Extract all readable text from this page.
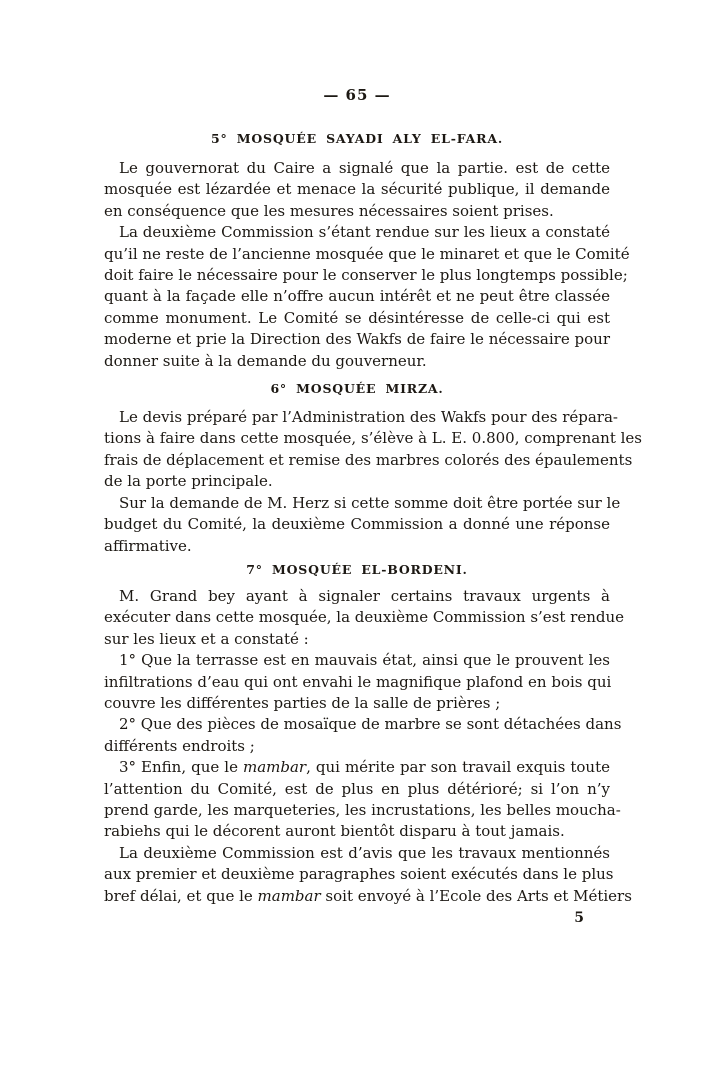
— 65 —
5° MOSQUÉE SAYADI ALY EL-FARA.
Le gouvernorat du Caire a signalé que la partie. est de cette
mosquée est lézardée et menace la sécurité publique, il demande
en conséquence que les mesures nécessaires soient prises.
La deuxième Commission s’étant rendue sur les lieux a constaté
qu’il ne reste de l’ancienne mosquée que le minaret et que le Comité
doit faire le nécessaire pour le conserver le plus longtemps possible;
quant à la façade elle n’offre aucun intérêt et ne peut être classée
comme monument. Le Comité se désintéresse de celle-ci qui est
moderne et prie la Direction des Wakfs de faire le nécessaire pour
donner suite à la demande du gouverneur.
6° MOSQUÉE MIRZA.
Le devis préparé par l’Administration des Wakfs pour des répara-
tions à faire dans cette mosquée, s’élève à L. E. 0.800, comprenant les
frais de déplacement et remise des marbres colorés des épaulements
de la porte principale.
Sur la demande de M. Herz si cette somme doit être portée sur le
budget du Comité, la deuxième Commission a donné une réponse
affirmative.
7° MOSQUÉE EL-BORDENI.
M. Grand bey ayant à signaler certains travaux urgents à
exécuter dans cette mosquée, la deuxième Commission s’est rendue
sur les lieux et a constaté :
1° Que la terrasse est en mauvais état, ainsi que le prouvent les
infiltrations d’eau qui ont envahi le magnifique plafond en bois qui
couvre les différentes parties de la salle de prières ;
2° Que des pièces de mosaïque de marbre se sont détachées dans
différents endroits ;
3° Enfin, que le mambar, qui mérite par son travail exquis toute
l’attention du Comité, est de plus en plus détérioré; si l’on n’y
prend garde, les marqueteries, les incrustations, les belles moucha-
rabiehs qui le décorent auront bientôt disparu à tout jamais.
La deuxième Commission est d’avis que les travaux mentionnés
aux premier et deuxième paragraphes soient exécutés dans le plus
bref délai, et que le mambar soit envoyé à l’Ecole des Arts et Métiers
5
